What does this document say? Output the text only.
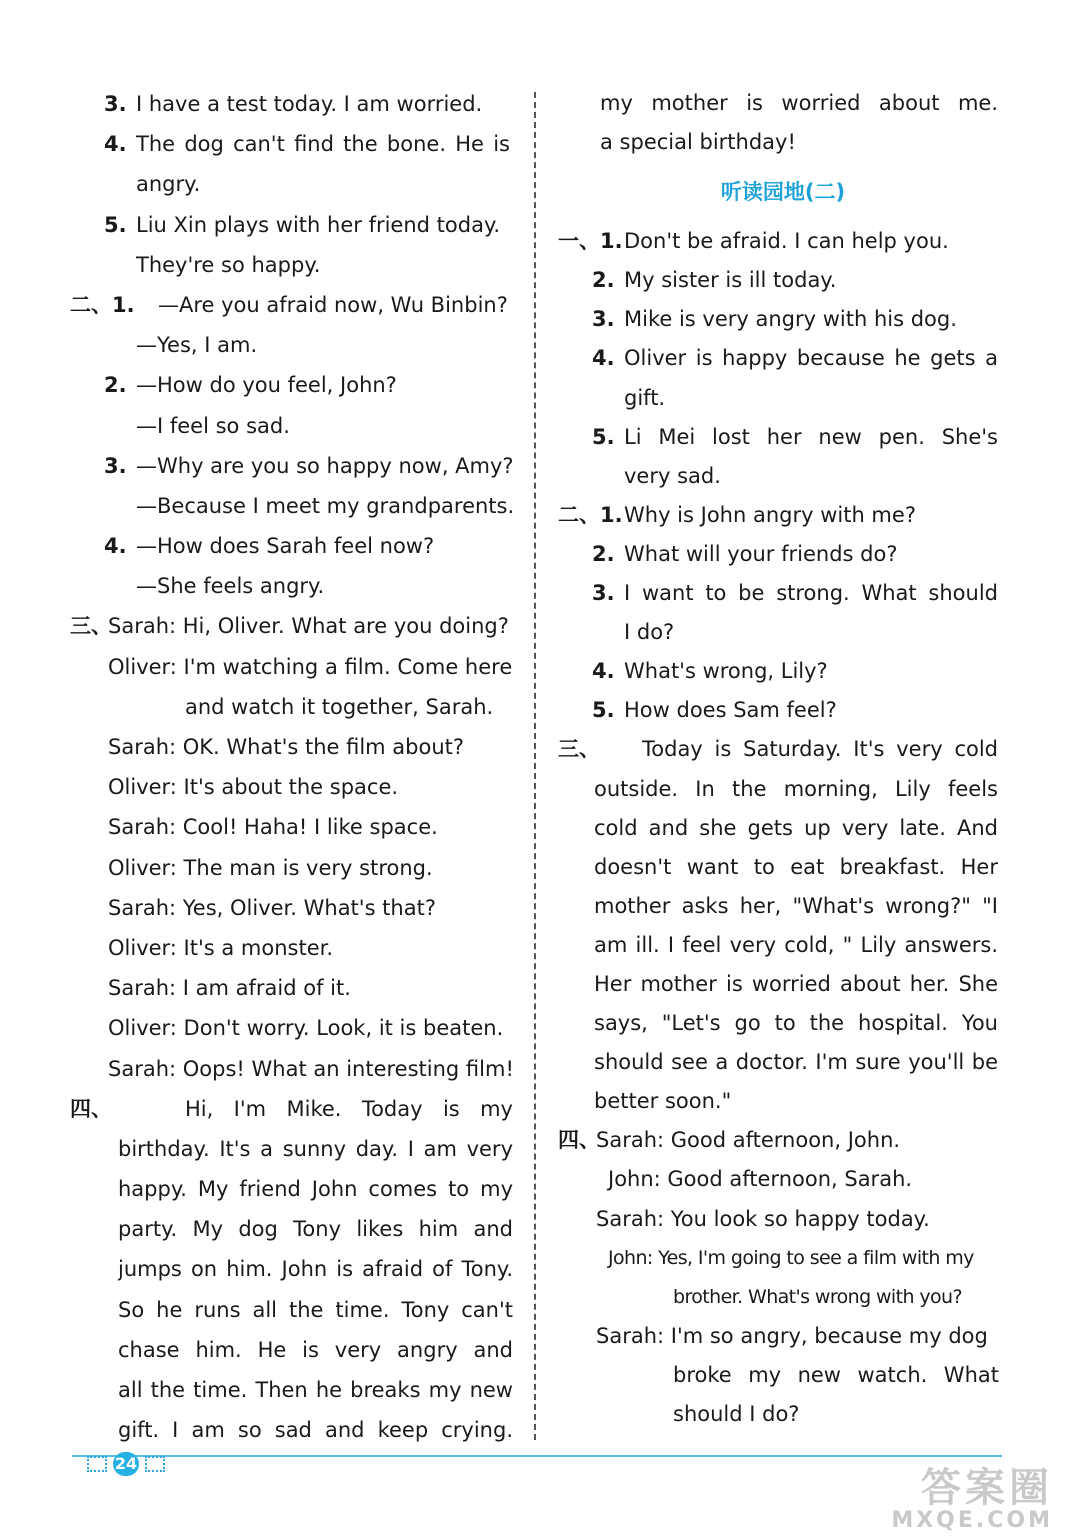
3. I have a test today. I am worried.
4. The dog can't find the bone. He is
angry.
5. Liu Xin plays with her friend today.
They're so happy.
二、1. —Are you afraid now, Wu Binbin?
—Yes, I am.
2. —How do you feel, John?
—I feel so sad.
3. —Why are you so happy now, Amy?
—Because I meet my grandparents.
4. —How does Sarah feel now?
—She feels angry.
三、
Sarah: Hi, Oliver. What are you doing?
Oliver: I'm watching a film. Come here
and watch it together, Sarah.
Sarah: OK. What's the film about?
Oliver: It's about the space.
Sarah: Cool! Haha! I like space.
Oliver: The man is very strong.
Sarah: Yes, Oliver. What's that?
Oliver: It's a monster.
Sarah: I am afraid of it.
Oliver: Don't worry. Look, it is beaten.
Sarah: Oops! What an interesting film!
四、	Hi, I'm Mike. Today is my
birthday. It's a sunny day. I am very
happy. My friend John comes to my
party. My dog Tony likes him and
jumps on him. John is afraid of Tony.
So he runs all the time. Tony can't
chase him. He is very angry and
all the time. Then he breaks my new
gift. I am so sad and keep crying.
my mother is worried about me.
a special birthday!
听读园地(二)
一、1. Don't be afraid. I can help you.
2. My sister is ill today.
3. Mike is very angry with his dog.
4. Oliver is happy because he gets a
gift.
5. Li Mei lost her new pen. She's
very sad.
二、1. Why is John angry with me?
2. What will your friends do?
3. I want to be strong. What should
I do?
4. What's wrong, Lily?
5. How does Sam feel?
三、 Today is Saturday. It's very cold
outside. In the morning, Lily feels
cold and she gets up very late. And
doesn't want to eat breakfast. Her
mother asks her, "What's wrong?" "I
am ill. I feel very cold, " Lily answers.
Her mother is worried about her. She
says, "Let's go to the hospital. You
should see a doctor. I'm sure you'll be
better soon."
四、
Sarah: Good afternoon, John.
John: Good afternoon, Sarah.
Sarah: You look so happy today.
John: Yes, I'm going to see a film with my
brother. What's wrong with you?
Sarah: I'm so angry, because my dog
broke my new watch. What
should I do?
24
答案圈
MXQE.COM
